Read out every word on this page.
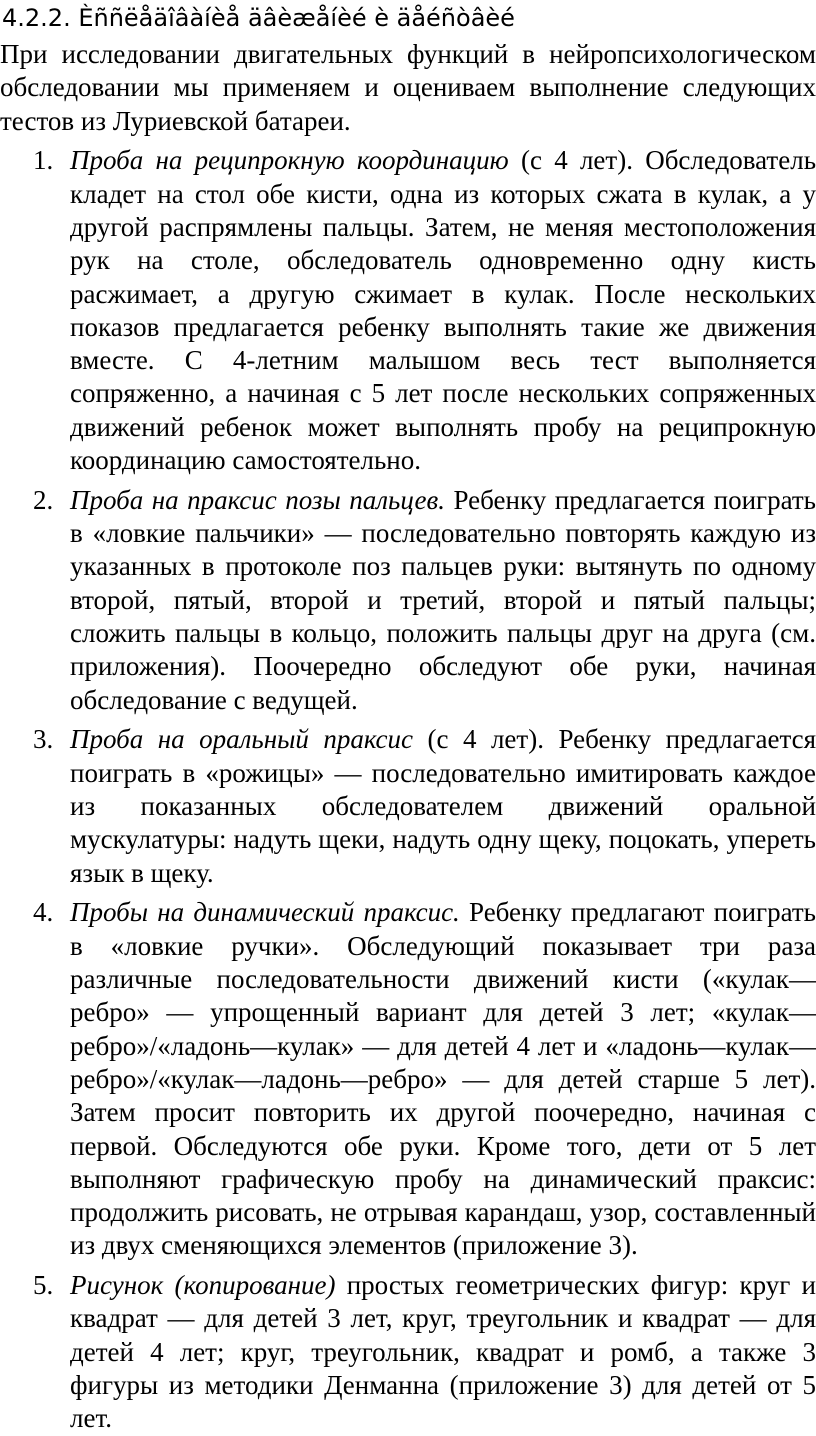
4.2.2. Èññëåäîâàíèå äâèæåíèé è äåéñòâèé

При исследовании двигательных функций в нейропсихологическом обследовании мы применяем и оцениваем выполнение следующих тестов из Луриевской батареи.

1. Проба на реципрокную координацию (с 4 лет). Обследователь кладет на стол обе кисти, одна из которых сжата в кулак, а у другой распрямлены пальцы. Затем, не меняя местоположения рук на столе, обследователь одновременно одну кисть расжимает, а другую сжимает в кулак. После нескольких показов предлагается ребенку выполнять такие же движения вместе. С 4-летним малышом весь тест выполняется сопряженно, а начиная с 5 лет после нескольких сопряженных движений ребенок может выполнять пробу на реципрокную координацию самостоятельно.
2. Проба на праксис позы пальцев. Ребенку предлагается поиграть в «ловкие пальчики» — последовательно повторять каждую из указанных в протоколе поз пальцев руки: вытянуть по одному второй, пятый, второй и третий, второй и пятый пальцы; сложить пальцы в кольцо, положить пальцы друг на друга (см. приложения). Поочередно обследуют обе руки, начиная обследование с ведущей.
3. Проба на оральный праксис (с 4 лет). Ребенку предлагается поиграть в «рожицы» — последовательно имитировать каждое из показанных обследователем движений оральной мускулатуры: надуть щеки, надуть одну щеку, поцокать, упереть язык в щеку.
4. Пробы на динамический праксис. Ребенку предлагают поиграть в «ловкие ручки». Обследующий показывает три раза различные последовательности движений кисти («кулак—ребро» — упрощенный вариант для детей 3 лет; «кулак—ребро»/«ладонь—кулак» — для детей 4 лет и «ладонь—кулак—ребро»/«кулак—ладонь—ребро» — для детей старше 5 лет). Затем просит повторить их другой поочередно, начиная с первой. Обследуются обе руки. Кроме того, дети от 5 лет выполняют графическую пробу на динамический праксис: продолжить рисовать, не отрывая карандаш, узор, составленный из двух сменяющихся элементов (приложение 3).
5. Рисунок (копирование) простых геометрических фигур: круг и квадрат — для детей 3 лет, круг, треугольник и квадрат — для детей 4 лет; круг, треугольник, квадрат и ромб, а также 3 фигуры из методики Денманна (приложение 3) для детей от 5 лет.
